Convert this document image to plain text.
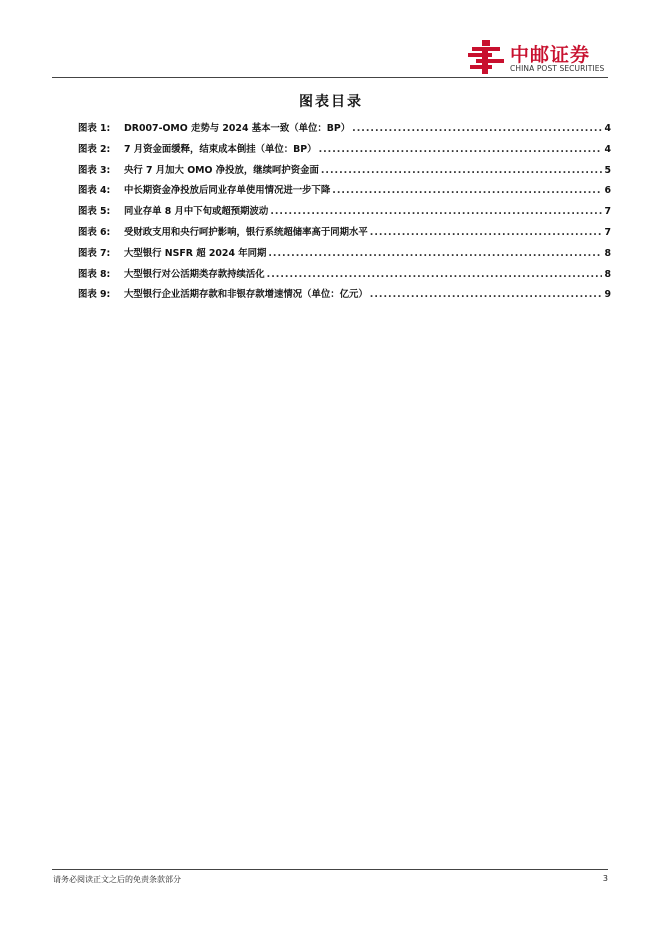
中邮证券
CHINA POST SECURITIES
图表目录
图表 1:	DR007-OMO 走势与 2024 基本一致（单位：BP） .....	4
图表 2:	7 月资金面缓释，结束成本倒挂（单位：BP） .....	4
图表 3:	央行 7 月加大 OMO 净投放，继续呵护资金面 .....	5
图表 4:	中长期资金净投放后同业存单使用情况进一步下降 .....	6
图表 5:	同业存单 8 月中下旬或超预期波动 .....	7
图表 6:	受财政支用和央行呵护影响，银行系统超储率高于同期水平 .....	7
图表 7:	大型银行 NSFR 超 2024 年同期 .....	8
图表 8:	大型银行对公活期类存款持续活化 .....	8
图表 9:	大型银行企业活期存款和非银存款增速情况（单位：亿元） .....	9
请务必阅读正文之后的免责条款部分	3
